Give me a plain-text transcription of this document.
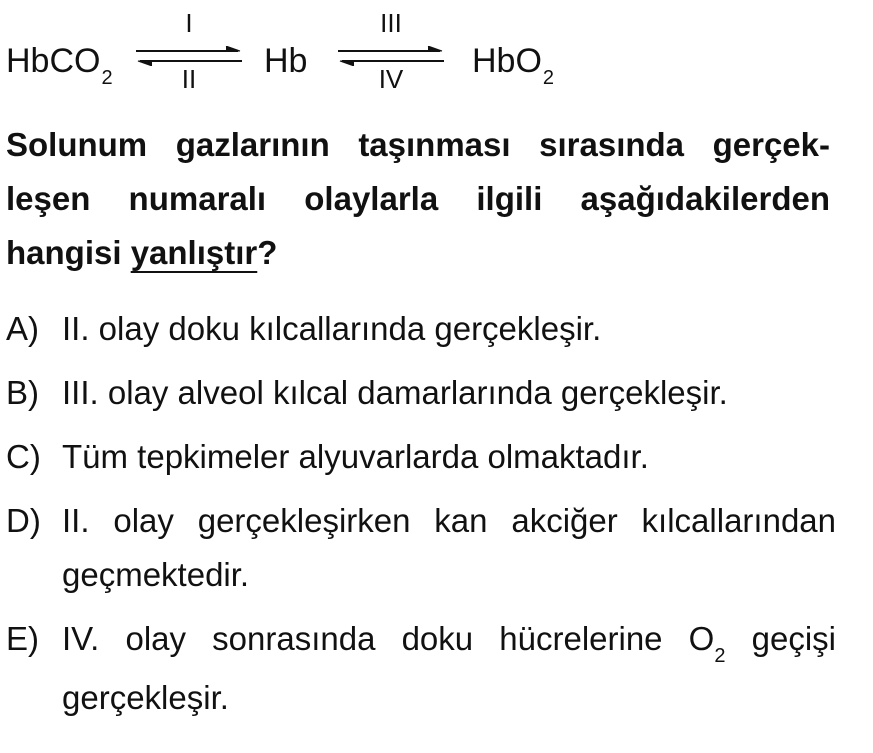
HbCO$_2$
I
II	Hb
III
IV	HbO$_2$
Solunum gazlarının taşınması sırasında gerçek-
leşen numaralı olaylarla ilgili aşağıdakilerden
hangisi yanlıştır?
A) II. olay doku kılcallarında gerçekleşir.
B) III. olay alveol kılcal damarlarında gerçekleşir.
C) Tüm tepkimeler alyuvarlarda olmaktadır.
D) II. olay gerçekleşirken kan akciğer kılcallarından
geçmektedir.
E) IV. olay sonrasında doku hücrelerine $O_2$ geçişi
gerçekleşir.
